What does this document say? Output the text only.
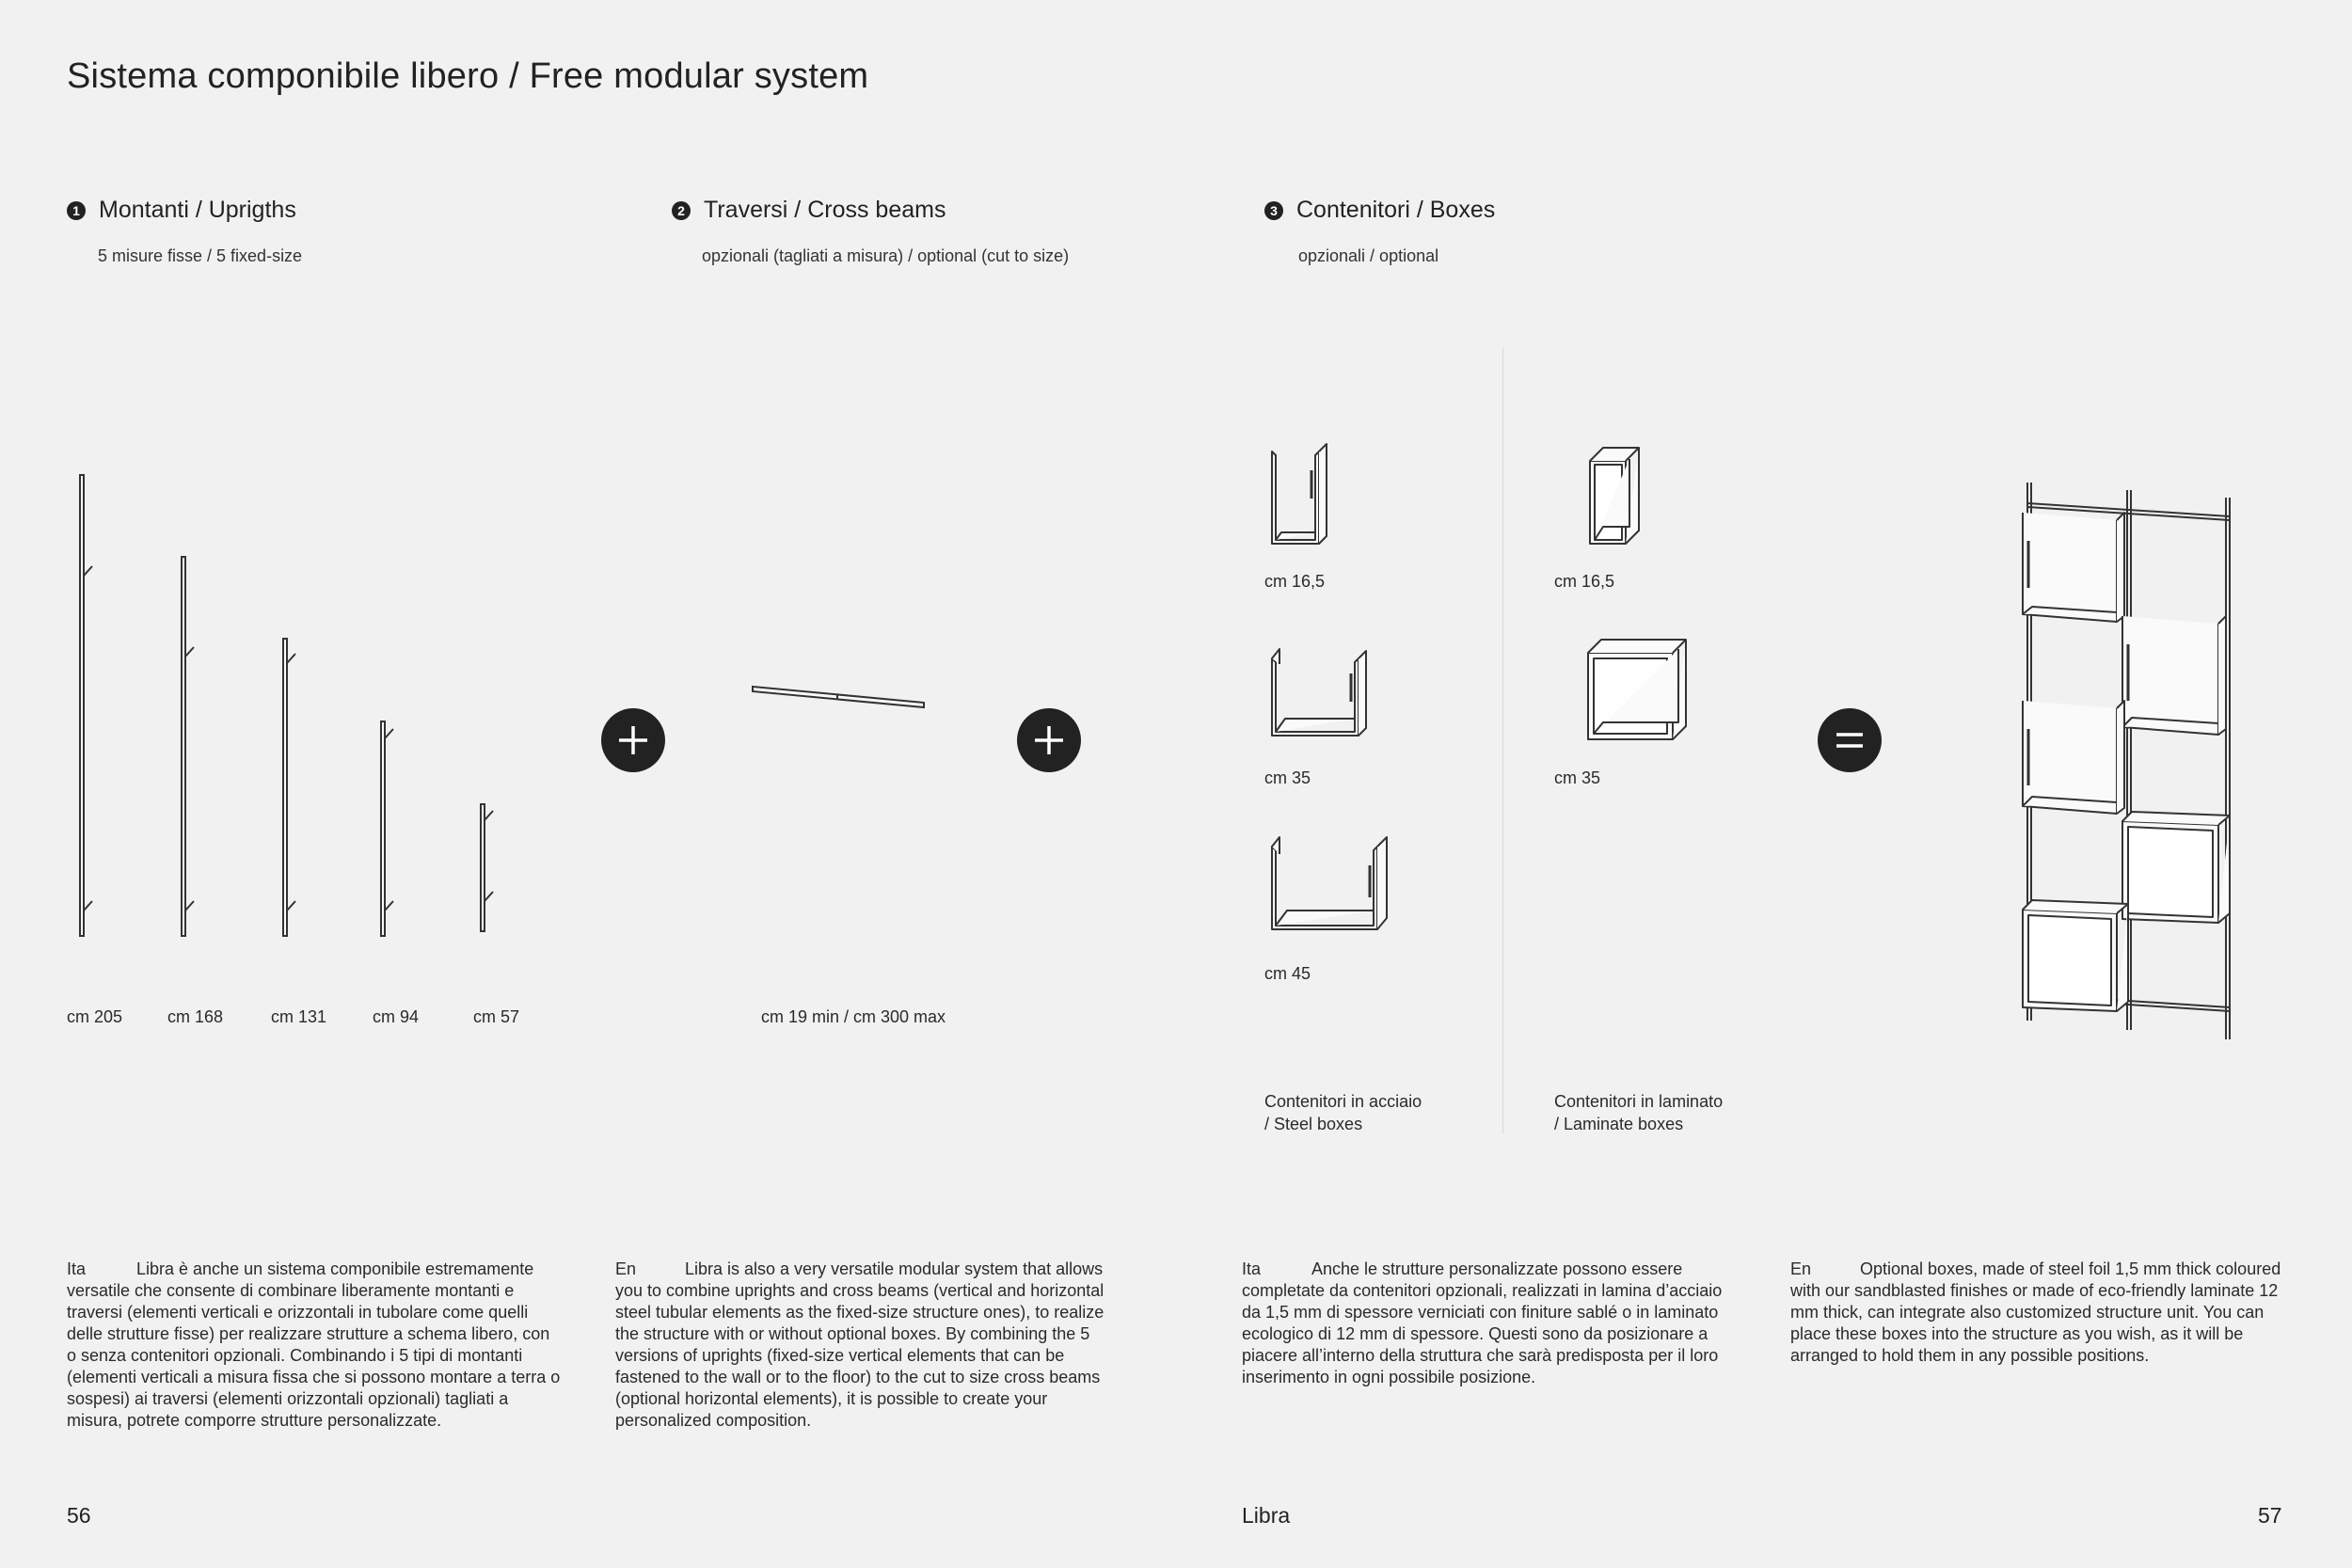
Sistema componibile libero / Free modular system
1 Montanti / Uprigths
5 misure fisse / 5 fixed-size
2 Traversi / Cross beams
opzionali (tagliati a misura) / optional (cut to size)
3 Contenitori / Boxes
opzionali / optional
cm 205	cm 168	cm 131	cm 94	cm 57	cm 19 min / cm 300 max
cm 16,5
cm 35
cm 45
Contenitori in acciaio
/ Steel boxes
cm 16,5
cm 35
Contenitori in laminato
/ Laminate boxes
Ita	Libra è anche un sistema componibile estremamente versatile che consente di combinare liberamente montanti e traversi (elementi verticali e orizzontali in tubolare come quelli delle strutture fisse) per realizzare strutture a schema libero, con o senza contenitori opzionali. Combinando i 5 tipi di montanti (elementi verticali a misura fissa che si possono montare a terra o sospesi) ai traversi (elementi orizzontali opzionali) tagliati a misura, potrete comporre strutture personalizzate.
En	Libra is also a very versatile modular system that allows you to combine uprights and cross beams (vertical and horizontal steel tubular elements as the fixed-size structure ones), to realize the structure with or without optional boxes. By combining the 5 versions of uprights (fixed-size vertical elements that can be fastened to the wall or to the floor) to the cut to size cross beams (optional horizontal elements), it is possible to create your personalized composition.
Ita	Anche le strutture personalizzate possono essere completate da contenitori opzionali, realizzati in lamina d’acciaio da 1,5 mm di spessore verniciati con finiture sablé o in laminato ecologico di 12 mm di spessore. Questi sono da posizionare a piacere all’interno della struttura che sarà predisposta per il loro inserimento in ogni possibile posizione.
En	Optional boxes, made of steel foil 1,5 mm thick coloured with our sandblasted finishes or made of eco-friendly laminate 12 mm thick, can integrate also customized structure unit. You can place these boxes into the structure as you wish, as it will be arranged to hold them in any possible positions.
56	Libra	57
